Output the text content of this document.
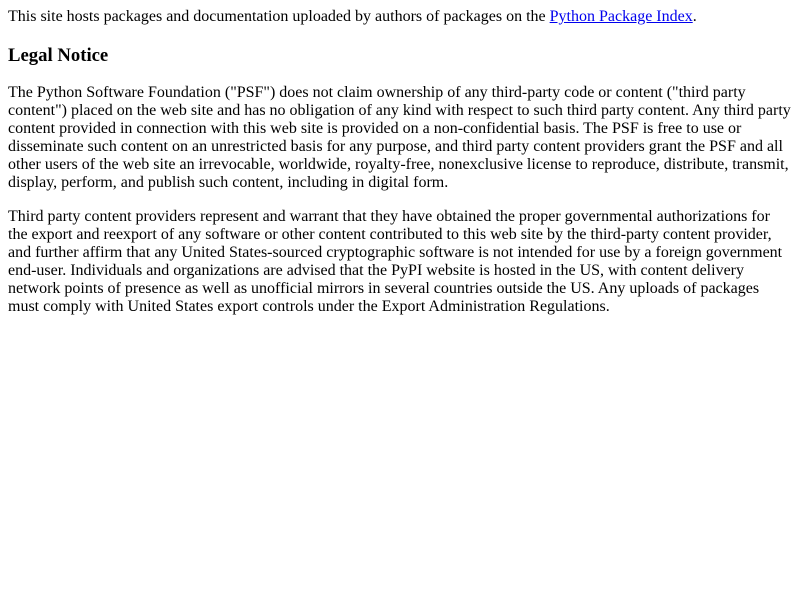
This site hosts packages and documentation uploaded by authors of packages on the Python Package Index.

Legal Notice

The Python Software Foundation ("PSF") does not claim ownership of any third-party code or content ("third party content") placed on the web site and has no obligation of any kind with respect to such third party content. Any third party content provided in connection with this web site is provided on a non-confidential basis. The PSF is free to use or disseminate such content on an unrestricted basis for any purpose, and third party content providers grant the PSF and all other users of the web site an irrevocable, worldwide, royalty-free, nonexclusive license to reproduce, distribute, transmit, display, perform, and publish such content, including in digital form.

Third party content providers represent and warrant that they have obtained the proper governmental authorizations for the export and reexport of any software or other content contributed to this web site by the third-party content provider, and further affirm that any United States-sourced cryptographic software is not intended for use by a foreign government end-user. Individuals and organizations are advised that the PyPI website is hosted in the US, with content delivery network points of presence as well as unofficial mirrors in several countries outside the US. Any uploads of packages must comply with United States export controls under the Export Administration Regulations.
